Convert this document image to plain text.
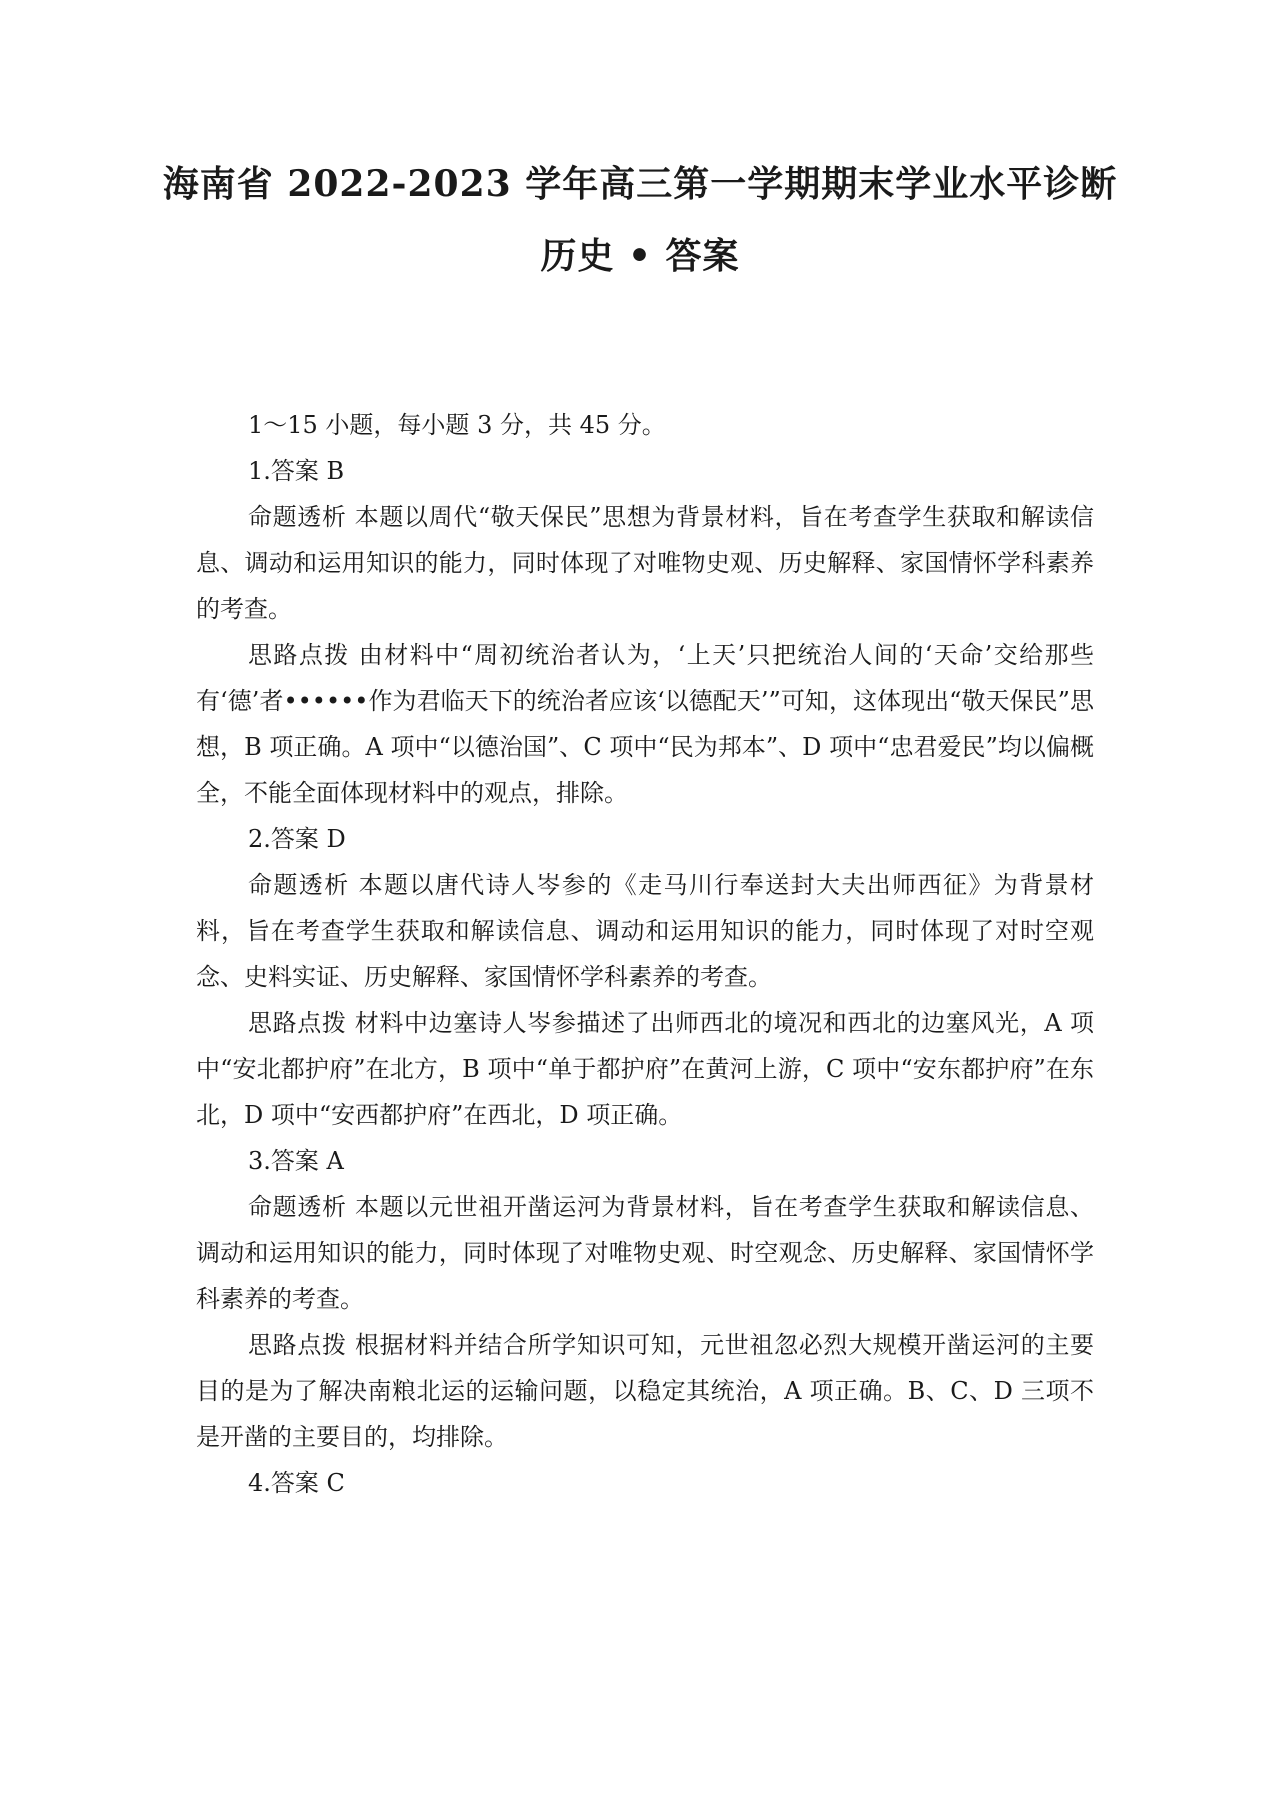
海南省 2022-2023 学年高三第一学期期末学业水平诊断
历史 • 答案

1～15 小题，每小题 3 分，共 45 分。

1.答案 B

命题透析 本题以周代“敬天保民”思想为背景材料，旨在考查学生获取和解读信息、调动和运用知识的能力，同时体现了对唯物史观、历史解释、家国情怀学科素养的考查。

思路点拨 由材料中“周初统治者认为，‘上天’只把统治人间的‘天命’交给那些有‘德’者••••••作为君临天下的统治者应该‘以德配天’”可知，这体现出“敬天保民”思想，B 项正确。A 项中“以德治国”、C 项中“民为邦本”、D 项中“忠君爱民”均以偏概全，不能全面体现材料中的观点，排除。

2.答案 D

命题透析 本题以唐代诗人岑参的《走马川行奉送封大夫出师西征》为背景材料，旨在考查学生获取和解读信息、调动和运用知识的能力，同时体现了对时空观念、史料实证、历史解释、家国情怀学科素养的考查。

思路点拨 材料中边塞诗人岑参描述了出师西北的境况和西北的边塞风光，A 项中“安北都护府”在北方，B 项中“单于都护府”在黄河上游，C 项中“安东都护府”在东北，D 项中“安西都护府”在西北，D 项正确。

3.答案 A

命题透析 本题以元世祖开凿运河为背景材料，旨在考查学生获取和解读信息、调动和运用知识的能力，同时体现了对唯物史观、时空观念、历史解释、家国情怀学科素养的考查。

思路点拨 根据材料并结合所学知识可知，元世祖忽必烈大规模开凿运河的主要目的是为了解决南粮北运的运输问题，以稳定其统治，A 项正确。B、C、D 三项不是开凿的主要目的，均排除。

4.答案 C
